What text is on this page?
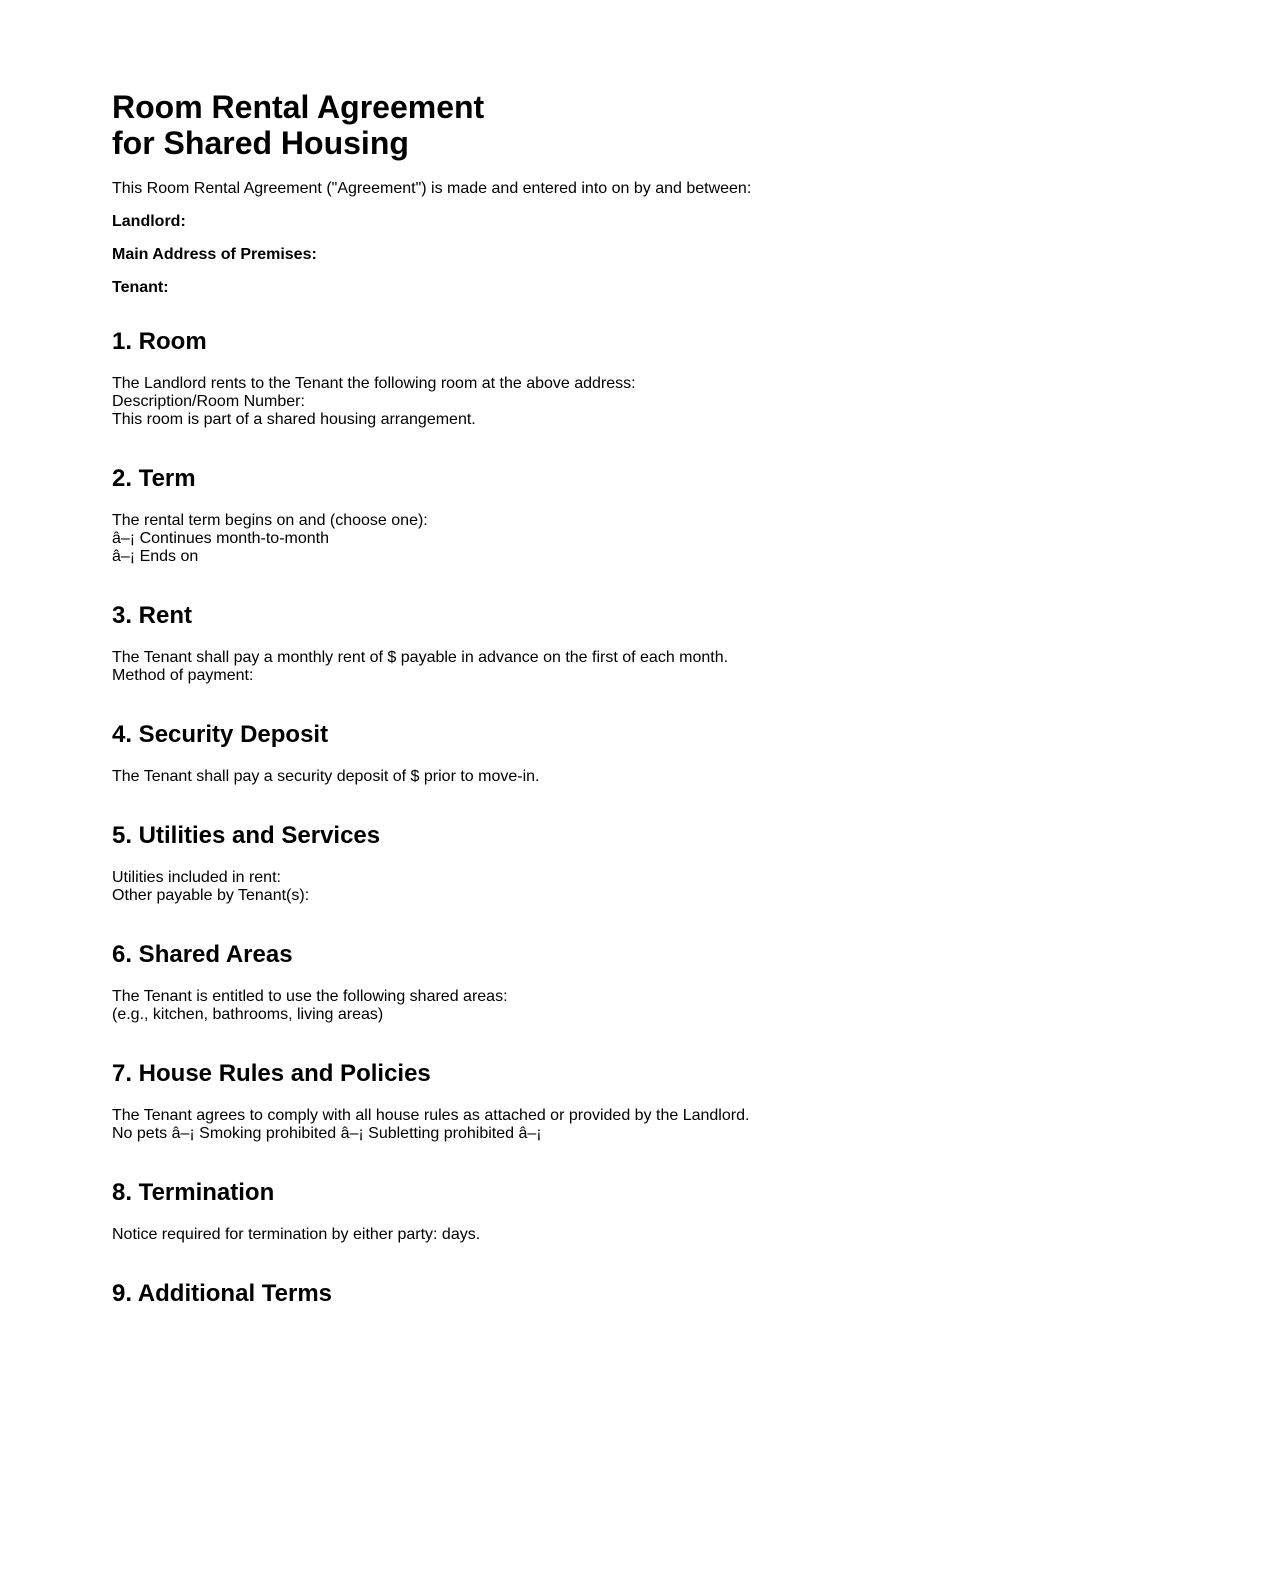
Room Rental Agreement
for Shared Housing

This Room Rental Agreement ("Agreement") is made and entered into on by and between:

Landlord:

Main Address of Premises:

Tenant:

1. Room

The Landlord rents to the Tenant the following room at the above address:

Description/Room Number:

This room is part of a shared housing arrangement.

2. Term

The rental term begins on and (choose one):

â–¡ Continues month-to-month

â–¡ Ends on

3. Rent

The Tenant shall pay a monthly rent of $ payable in advance on the first of each month.

Method of payment:

4. Security Deposit

The Tenant shall pay a security deposit of $ prior to move-in.

5. Utilities and Services

Utilities included in rent:

Other payable by Tenant(s):

6. Shared Areas

The Tenant is entitled to use the following shared areas:

(e.g., kitchen, bathrooms, living areas)

7. House Rules and Policies

The Tenant agrees to comply with all house rules as attached or provided by the Landlord.

No pets â–¡ Smoking prohibited â–¡ Subletting prohibited â–¡

8. Termination

Notice required for termination by either party: days.

9. Additional Terms
